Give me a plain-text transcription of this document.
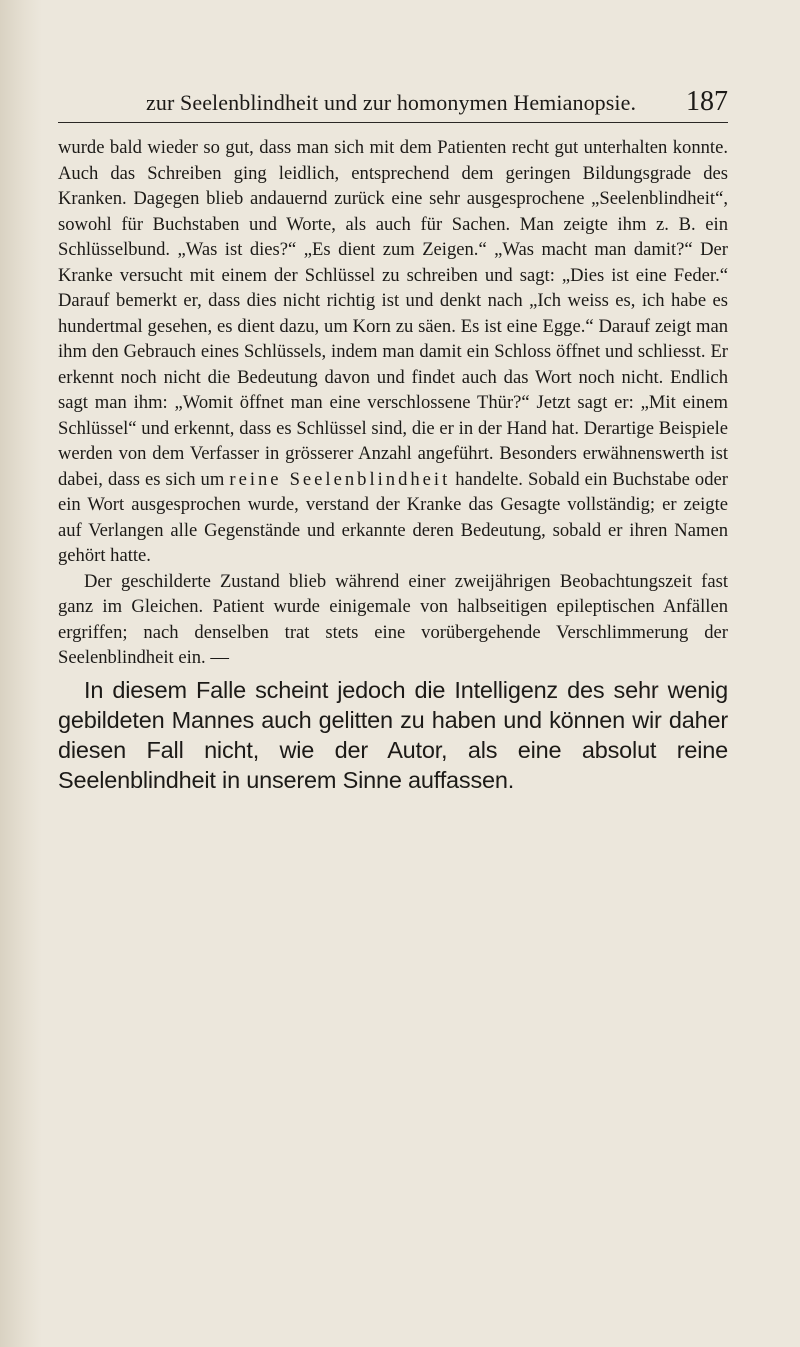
zur Seelenblindheit und zur homonymen Hemianopsie. 187

wurde bald wieder so gut, dass man sich mit dem Patienten recht gut unterhalten konnte. Auch das Schreiben ging leidlich, entsprechend dem geringen Bildungsgrade des Kranken. Dagegen blieb andauernd zurück eine sehr ausgesprochene „Seelenblindheit“, sowohl für Buchstaben und Worte, als auch für Sachen. Man zeigte ihm z. B. ein Schlüsselbund. „Was ist dies?“ „Es dient zum Zeigen.“ „Was macht man damit?“ Der Kranke versucht mit einem der Schlüssel zu schreiben und sagt: „Dies ist eine Feder.“ Darauf bemerkt er, dass dies nicht richtig ist und denkt nach „Ich weiss es, ich habe es hundertmal gesehen, es dient dazu, um Korn zu säen. Es ist eine Egge.“ Darauf zeigt man ihm den Gebrauch eines Schlüssels, indem man damit ein Schloss öffnet und schliesst. Er erkennt noch nicht die Bedeutung davon und findet auch das Wort noch nicht. Endlich sagt man ihm: „Womit öffnet man eine verschlossene Thür?“ Jetzt sagt er: „Mit einem Schlüssel“ und erkennt, dass es Schlüssel sind, die er in der Hand hat. Derartige Beispiele werden von dem Verfasser in grösserer Anzahl angeführt. Besonders erwähnenswerth ist dabei, dass es sich um reine Seelenblindheit handelte. Sobald ein Buchstabe oder ein Wort ausgesprochen wurde, verstand der Kranke das Gesagte vollständig; er zeigte auf Verlangen alle Gegenstände und erkannte deren Bedeutung, sobald er ihren Namen gehört hatte.

Der geschilderte Zustand blieb während einer zweijährigen Beobachtungszeit fast ganz im Gleichen. Patient wurde einigemale von halbseitigen epileptischen Anfällen ergriffen; nach denselben trat stets eine vorübergehende Verschlimmerung der Seelenblindheit ein. —

In diesem Falle scheint jedoch die Intelligenz des sehr wenig gebildeten Mannes auch gelitten zu haben und können wir daher diesen Fall nicht, wie der Autor, als eine absolut reine Seelenblindheit in unserem Sinne auffassen.
